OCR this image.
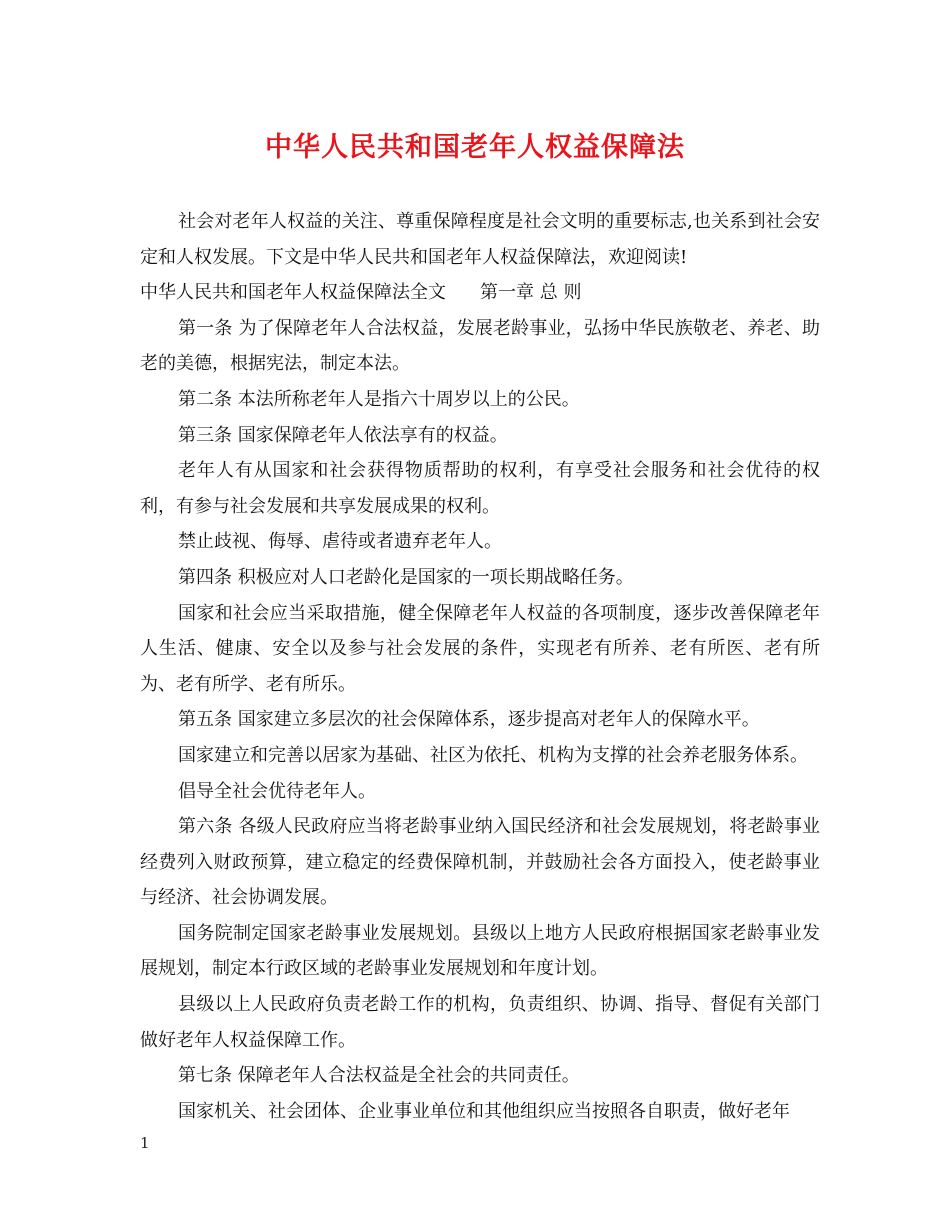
中华人民共和国老年人权益保障法

社会对老年人权益的关注、尊重保障程度是社会文明的重要标志,也关系到社会安定和人权发展。下文是中华人民共和国老年人权益保障法，欢迎阅读!

中华人民共和国老年人权益保障法全文 第一章 总 则

第一条 为了保障老年人合法权益，发展老龄事业，弘扬中华民族敬老、养老、助老的美德，根据宪法，制定本法。

第二条 本法所称老年人是指六十周岁以上的公民。

第三条 国家保障老年人依法享有的权益。

老年人有从国家和社会获得物质帮助的权利，有享受社会服务和社会优待的权利，有参与社会发展和共享发展成果的权利。

禁止歧视、侮辱、虐待或者遗弃老年人。

第四条 积极应对人口老龄化是国家的一项长期战略任务。

国家和社会应当采取措施，健全保障老年人权益的各项制度，逐步改善保障老年人生活、健康、安全以及参与社会发展的条件，实现老有所养、老有所医、老有所为、老有所学、老有所乐。

第五条 国家建立多层次的社会保障体系，逐步提高对老年人的保障水平。

国家建立和完善以居家为基础、社区为依托、机构为支撑的社会养老服务体系。

倡导全社会优待老年人。

第六条 各级人民政府应当将老龄事业纳入国民经济和社会发展规划，将老龄事业经费列入财政预算，建立稳定的经费保障机制，并鼓励社会各方面投入，使老龄事业与经济、社会协调发展。

国务院制定国家老龄事业发展规划。县级以上地方人民政府根据国家老龄事业发展规划，制定本行政区域的老龄事业发展规划和年度计划。

县级以上人民政府负责老龄工作的机构，负责组织、协调、指导、督促有关部门做好老年人权益保障工作。

第七条 保障老年人合法权益是全社会的共同责任。

国家机关、社会团体、企业事业单位和其他组织应当按照各自职责，做好老年

1
